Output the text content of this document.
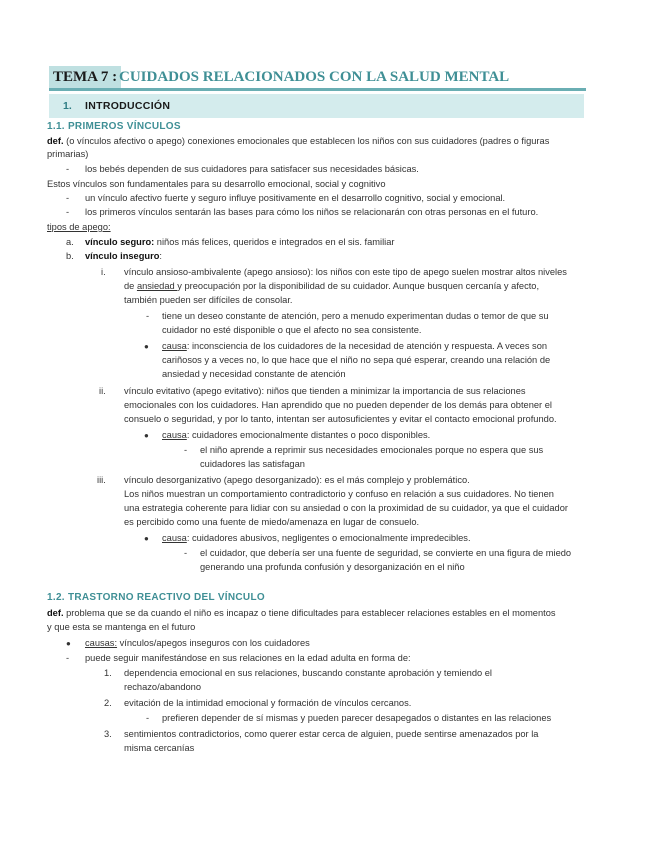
TEMA 7 : CUIDADOS RELACIONADOS CON LA SALUD MENTAL
1. INTRODUCCIÓN
1.1. PRIMEROS VÍNCULOS
def. (o vínculos afectivo o apego) conexiones emocionales que establecen los niños con sus cuidadores (padres o figuras
primarias)
- los bebés dependen de sus cuidadores para satisfacer sus necesidades básicas.
Estos vínculos son fundamentales para su desarrollo emocional, social y cognitivo
- un vínculo afectivo fuerte y seguro influye positivamente en el desarrollo cognitivo, social y emocional.
- los primeros vínculos sentarán las bases para cómo los niños se relacionarán con otras personas en el futuro.
tipos de apego:
a. vínculo seguro: niños más felices, queridos e integrados en el sis. familiar
b. vínculo inseguro:
i. vínculo ansioso-ambivalente (apego ansioso): los niños con este tipo de apego suelen mostrar altos niveles
de ansiedad y preocupación por la disponibilidad de su cuidador. Aunque busquen cercanía y afecto,
también pueden ser difíciles de consolar.
- tiene un deseo constante de atención, pero a menudo experimentan dudas o temor de que su
cuidador no esté disponible o que el afecto no sea consistente.
● causa: inconsciencia de los cuidadores de la necesidad de atención y respuesta. A veces son
cariñosos y a veces no, lo que hace que el niño no sepa qué esperar, creando una relación de
ansiedad y necesidad constante de atención
ii. vínculo evitativo (apego evitativo): niños que tienden a minimizar la importancia de sus relaciones
emocionales con los cuidadores. Han aprendido que no pueden depender de los demás para obtener el
consuelo o seguridad, y por lo tanto, intentan ser autosuficientes y evitar el contacto emocional profundo.
● causa: cuidadores emocionalmente distantes o poco disponibles.
- el niño aprende a reprimir sus necesidades emocionales porque no espera que sus
cuidadores las satisfagan
iii. vínculo desorganizativo (apego desorganizado): es el más complejo y problemático.
Los niños muestran un comportamiento contradictorio y confuso en relación a sus cuidadores. No tienen
una estrategia coherente para lidiar con su ansiedad o con la proximidad de su cuidador, ya que el cuidador
es percibido como una fuente de miedo/amenaza en lugar de consuelo.
● causa: cuidadores abusivos, negligentes o emocionalmente impredecibles.
- el cuidador, que debería ser una fuente de seguridad, se convierte en una figura de miedo
generando una profunda confusión y desorganización en el niño
1.2. TRASTORNO REACTIVO DEL VÍNCULO
def. problema que se da cuando el niño es incapaz o tiene dificultades para establecer relaciones estables en el momentos
y que esta se mantenga en el futuro
● causas: vínculos/apegos inseguros con los cuidadores
- puede seguir manifestándose en sus relaciones en la edad adulta en forma de:
1. dependencia emocional en sus relaciones, buscando constante aprobación y temiendo el
rechazo/abandono
2. evitación de la intimidad emocional y formación de vínculos cercanos.
- prefieren depender de sí mismas y pueden parecer desapegados o distantes en las relaciones
3. sentimientos contradictorios, como querer estar cerca de alguien, puede sentirse amenazados por la
misma cercanías
